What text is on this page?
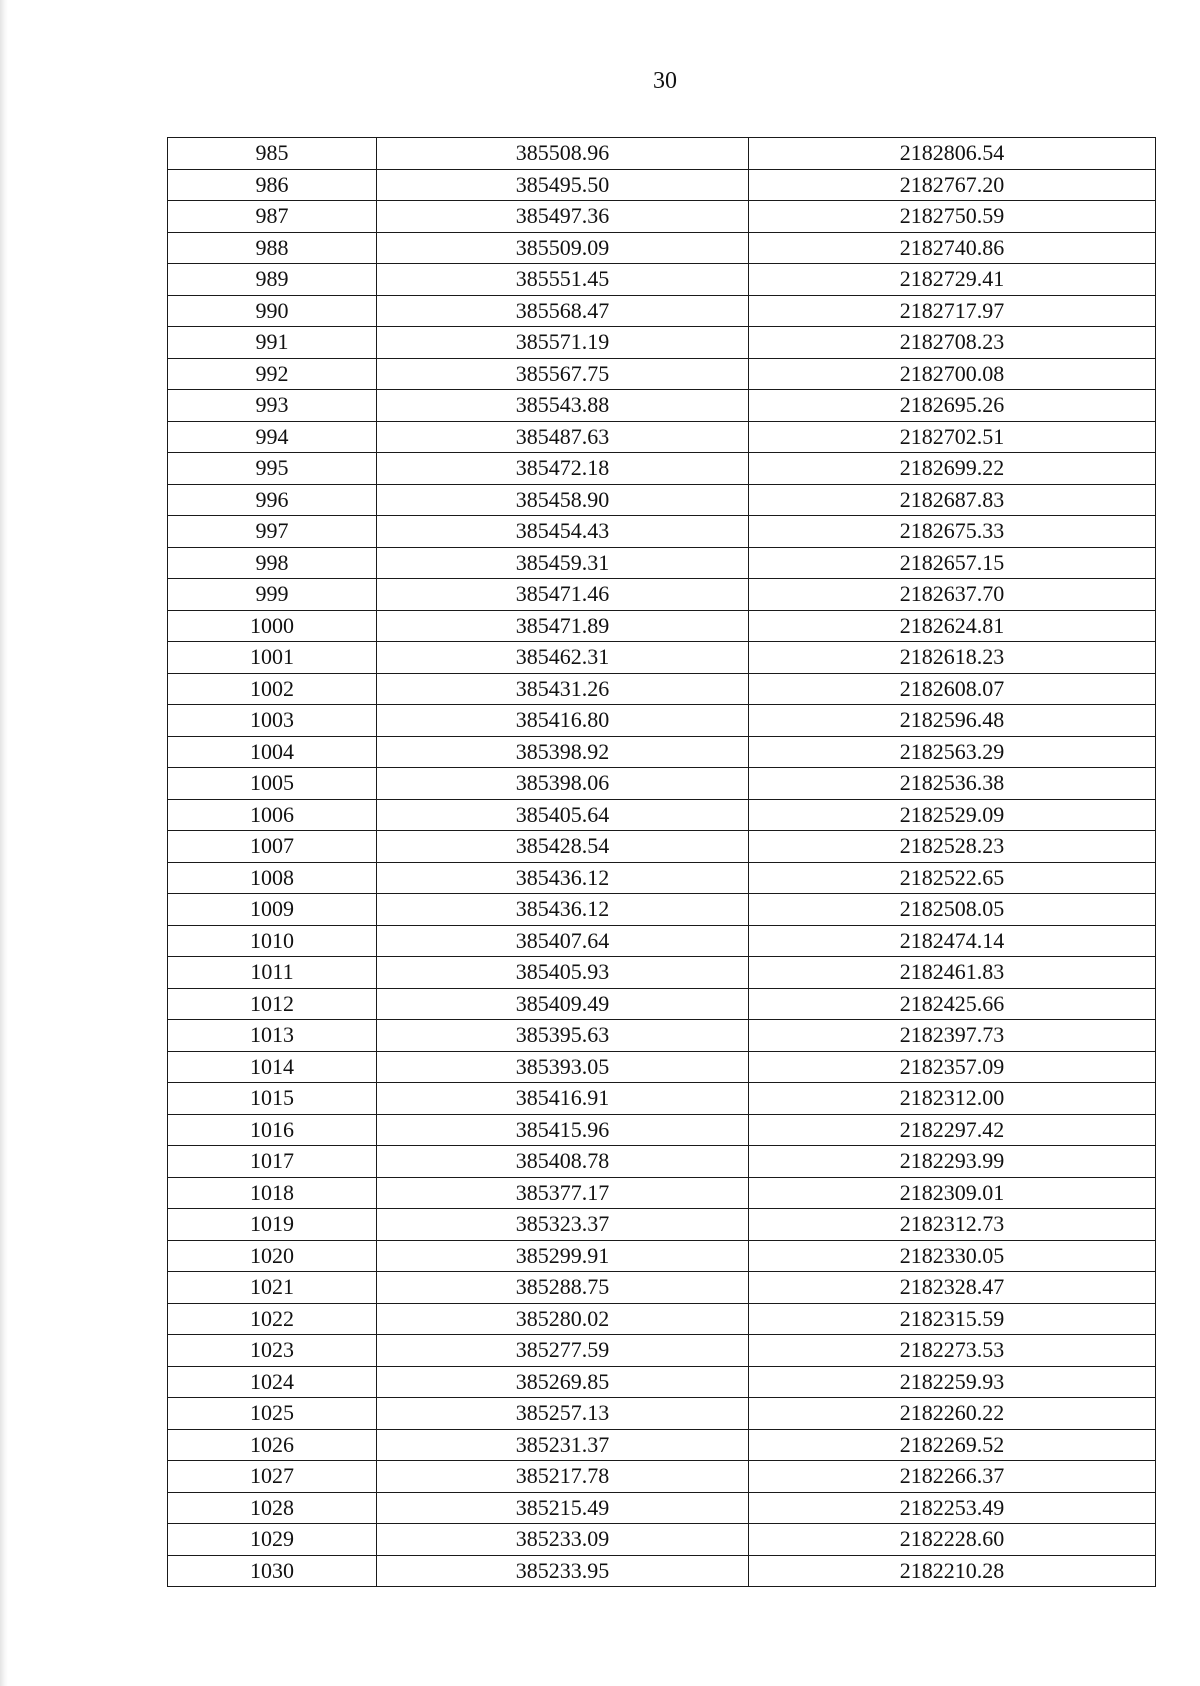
30
985	385508.96	2182806.54
986	385495.50	2182767.20
987	385497.36	2182750.59
988	385509.09	2182740.86
989	385551.45	2182729.41
990	385568.47	2182717.97
991	385571.19	2182708.23
992	385567.75	2182700.08
993	385543.88	2182695.26
994	385487.63	2182702.51
995	385472.18	2182699.22
996	385458.90	2182687.83
997	385454.43	2182675.33
998	385459.31	2182657.15
999	385471.46	2182637.70
1000	385471.89	2182624.81
1001	385462.31	2182618.23
1002	385431.26	2182608.07
1003	385416.80	2182596.48
1004	385398.92	2182563.29
1005	385398.06	2182536.38
1006	385405.64	2182529.09
1007	385428.54	2182528.23
1008	385436.12	2182522.65
1009	385436.12	2182508.05
1010	385407.64	2182474.14
1011	385405.93	2182461.83
1012	385409.49	2182425.66
1013	385395.63	2182397.73
1014	385393.05	2182357.09
1015	385416.91	2182312.00
1016	385415.96	2182297.42
1017	385408.78	2182293.99
1018	385377.17	2182309.01
1019	385323.37	2182312.73
1020	385299.91	2182330.05
1021	385288.75	2182328.47
1022	385280.02	2182315.59
1023	385277.59	2182273.53
1024	385269.85	2182259.93
1025	385257.13	2182260.22
1026	385231.37	2182269.52
1027	385217.78	2182266.37
1028	385215.49	2182253.49
1029	385233.09	2182228.60
1030	385233.95	2182210.28
